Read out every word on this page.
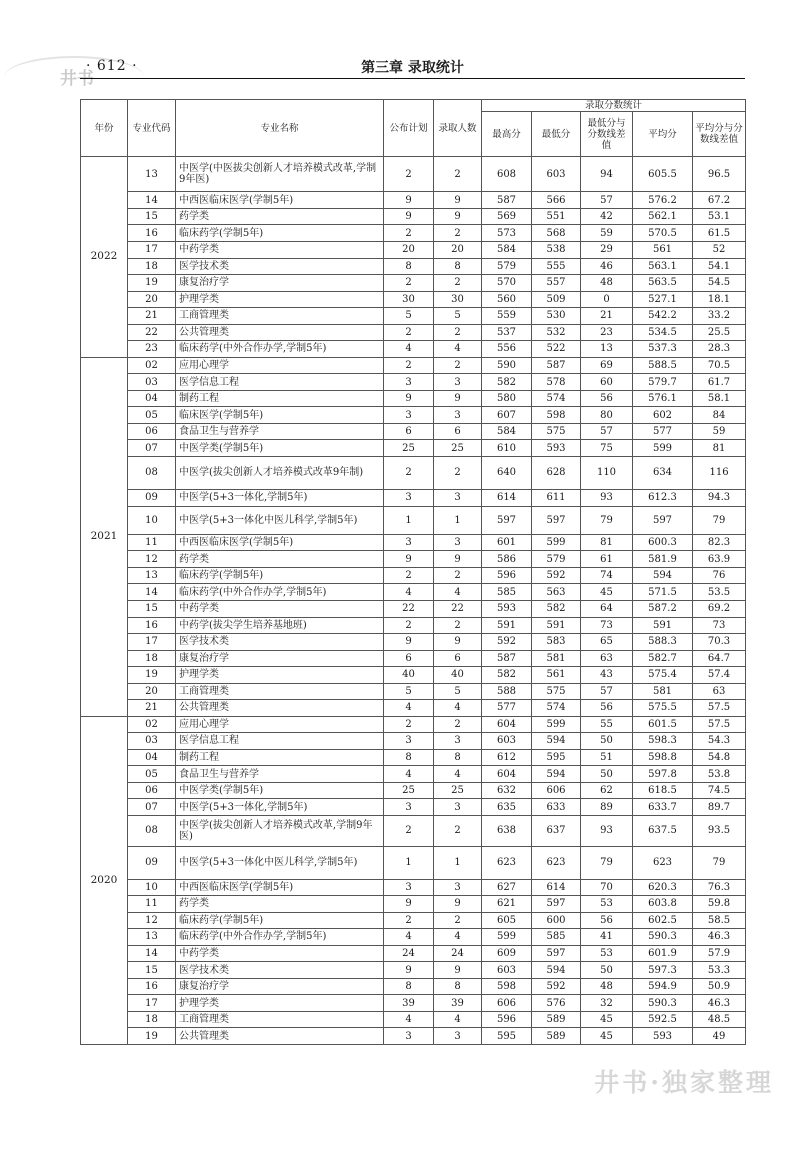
井书
· 612 ·	第三章 录取统计
年份	专业代码	专业名称	公布计划	录取人数	录取分数统计				
					最高分	最低分	最低分与分数线差值	平均分	平均分与分数线差值
2022	13	中医学(中医拔尖创新人才培养模式改革,学制9年医)	2	2	608	603	94	605.5	96.5
	14	中西医临床医学(学制5年)	9	9	587	566	57	576.2	67.2
	15	药学类	9	9	569	551	42	562.1	53.1
	16	临床药学(学制5年)	2	2	573	568	59	570.5	61.5
	17	中药学类	20	20	584	538	29	561	52
	18	医学技术类	8	8	579	555	46	563.1	54.1
	19	康复治疗学	2	2	570	557	48	563.5	54.5
	20	护理学类	30	30	560	509	0	527.1	18.1
	21	工商管理类	5	5	559	530	21	542.2	33.2
	22	公共管理类	2	2	537	532	23	534.5	25.5
	23	临床药学(中外合作办学,学制5年)	4	4	556	522	13	537.3	28.3
2021	02	应用心理学	2	2	590	587	69	588.5	70.5
	03	医学信息工程	3	3	582	578	60	579.7	61.7
	04	制药工程	9	9	580	574	56	576.1	58.1
	05	临床医学(学制5年)	3	3	607	598	80	602	84
	06	食品卫生与营养学	6	6	584	575	57	577	59
	07	中医学类(学制5年)	25	25	610	593	75	599	81
	08	中医学(拔尖创新人才培养模式改革9年制)	2	2	640	628	110	634	116
	09	中医学(5+3一体化,学制5年)	3	3	614	611	93	612.3	94.3
	10	中医学(5+3一体化中医儿科学,学制5年)	1	1	597	597	79	597	79
	11	中西医临床医学(学制5年)	3	3	601	599	81	600.3	82.3
	12	药学类	9	9	586	579	61	581.9	63.9
	13	临床药学(学制5年)	2	2	596	592	74	594	76
	14	临床药学(中外合作办学,学制5年)	4	4	585	563	45	571.5	53.5
	15	中药学类	22	22	593	582	64	587.2	69.2
	16	中药学(拔尖学生培养基地班)	2	2	591	591	73	591	73
	17	医学技术类	9	9	592	583	65	588.3	70.3
	18	康复治疗学	6	6	587	581	63	582.7	64.7
	19	护理学类	40	40	582	561	43	575.4	57.4
	20	工商管理类	5	5	588	575	57	581	63
	21	公共管理类	4	4	577	574	56	575.5	57.5
2020	02	应用心理学	2	2	604	599	55	601.5	57.5
	03	医学信息工程	3	3	603	594	50	598.3	54.3
	04	制药工程	8	8	612	595	51	598.8	54.8
	05	食品卫生与营养学	4	4	604	594	50	597.8	53.8
	06	中医学类(学制5年)	25	25	632	606	62	618.5	74.5
	07	中医学(5+3一体化,学制5年)	3	3	635	633	89	633.7	89.7
	08	中医学(拔尖创新人才培养模式改革,学制9年医)	2	2	638	637	93	637.5	93.5
	09	中医学(5+3一体化中医儿科学,学制5年)	1	1	623	623	79	623	79
	10	中西医临床医学(学制5年)	3	3	627	614	70	620.3	76.3
	11	药学类	9	9	621	597	53	603.8	59.8
	12	临床药学(学制5年)	2	2	605	600	56	602.5	58.5
	13	临床药学(中外合作办学,学制5年)	4	4	599	585	41	590.3	46.3
	14	中药学类	24	24	609	597	53	601.9	57.9
	15	医学技术类	9	9	603	594	50	597.3	53.3
	16	康复治疗学	8	8	598	592	48	594.9	50.9
	17	护理学类	39	39	606	576	32	590.3	46.3
	18	工商管理类	4	4	596	589	45	592.5	48.5
	19	公共管理类	3	3	595	589	45	593	49
井书·独家整理
